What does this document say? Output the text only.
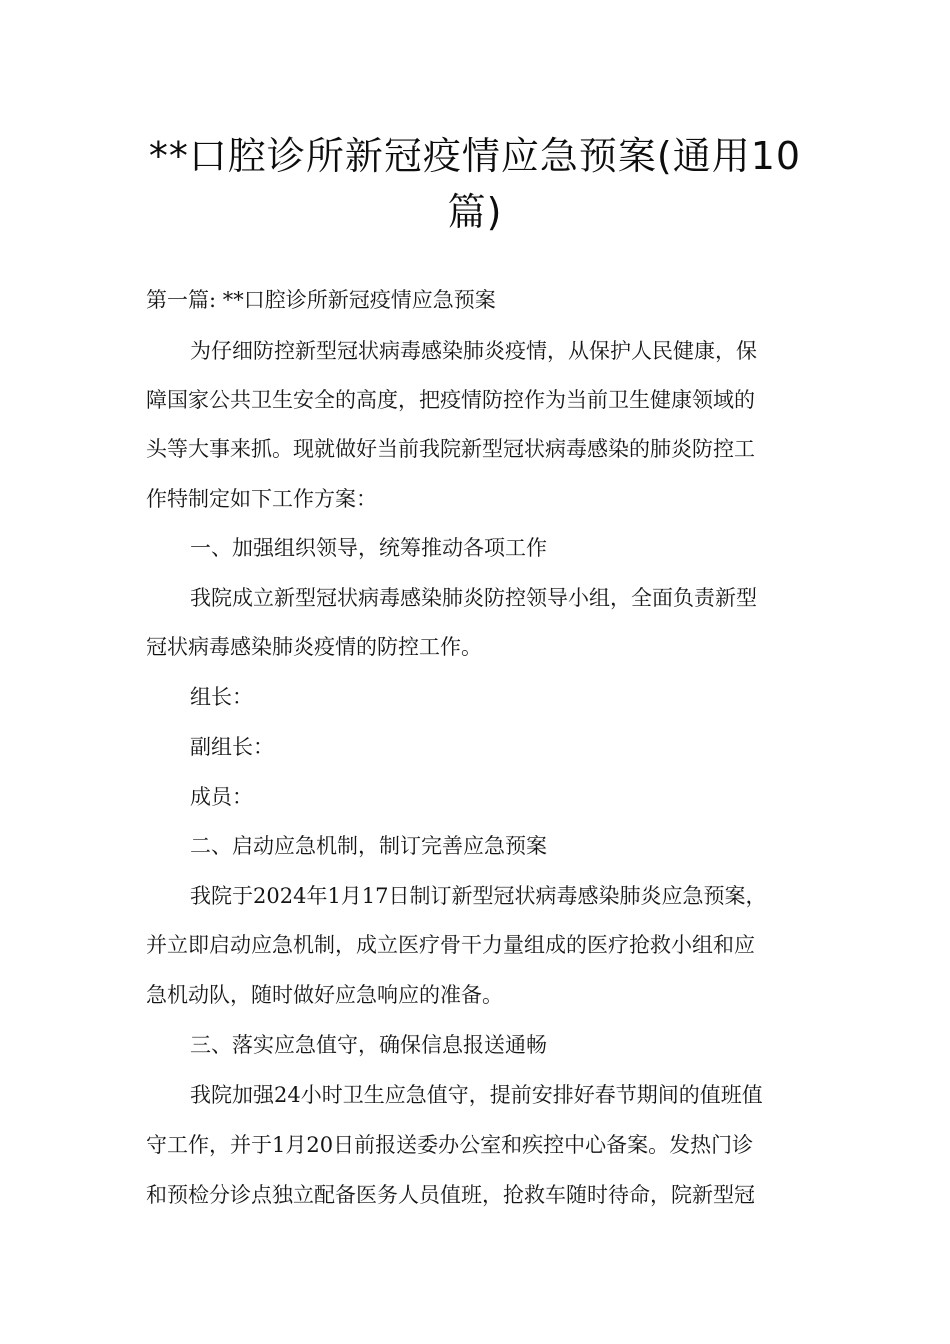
**口腔诊所新冠疫情应急预案(通用10
篇)
第一篇: **口腔诊所新冠疫情应急预案
为仔细防控新型冠状病毒感染肺炎疫情，从保护人民健康，保
障国家公共卫生安全的高度，把疫情防控作为当前卫生健康领域的
头等大事来抓。现就做好当前我院新型冠状病毒感染的肺炎防控工
作特制定如下工作方案：
一、加强组织领导，统筹推动各项工作
我院成立新型冠状病毒感染肺炎防控领导小组，全面负责新型
冠状病毒感染肺炎疫情的防控工作。
组长：
副组长：
成员：
二、启动应急机制，制订完善应急预案
我院于2024年1月17日制订新型冠状病毒感染肺炎应急预案，
并立即启动应急机制，成立医疗骨干力量组成的医疗抢救小组和应
急机动队，随时做好应急响应的准备。
三、落实应急值守，确保信息报送通畅
我院加强24小时卫生应急值守，提前安排好春节期间的值班值
守工作，并于1月20日前报送委办公室和疾控中心备案。发热门诊
和预检分诊点独立配备医务人员值班，抢救车随时待命，院新型冠
